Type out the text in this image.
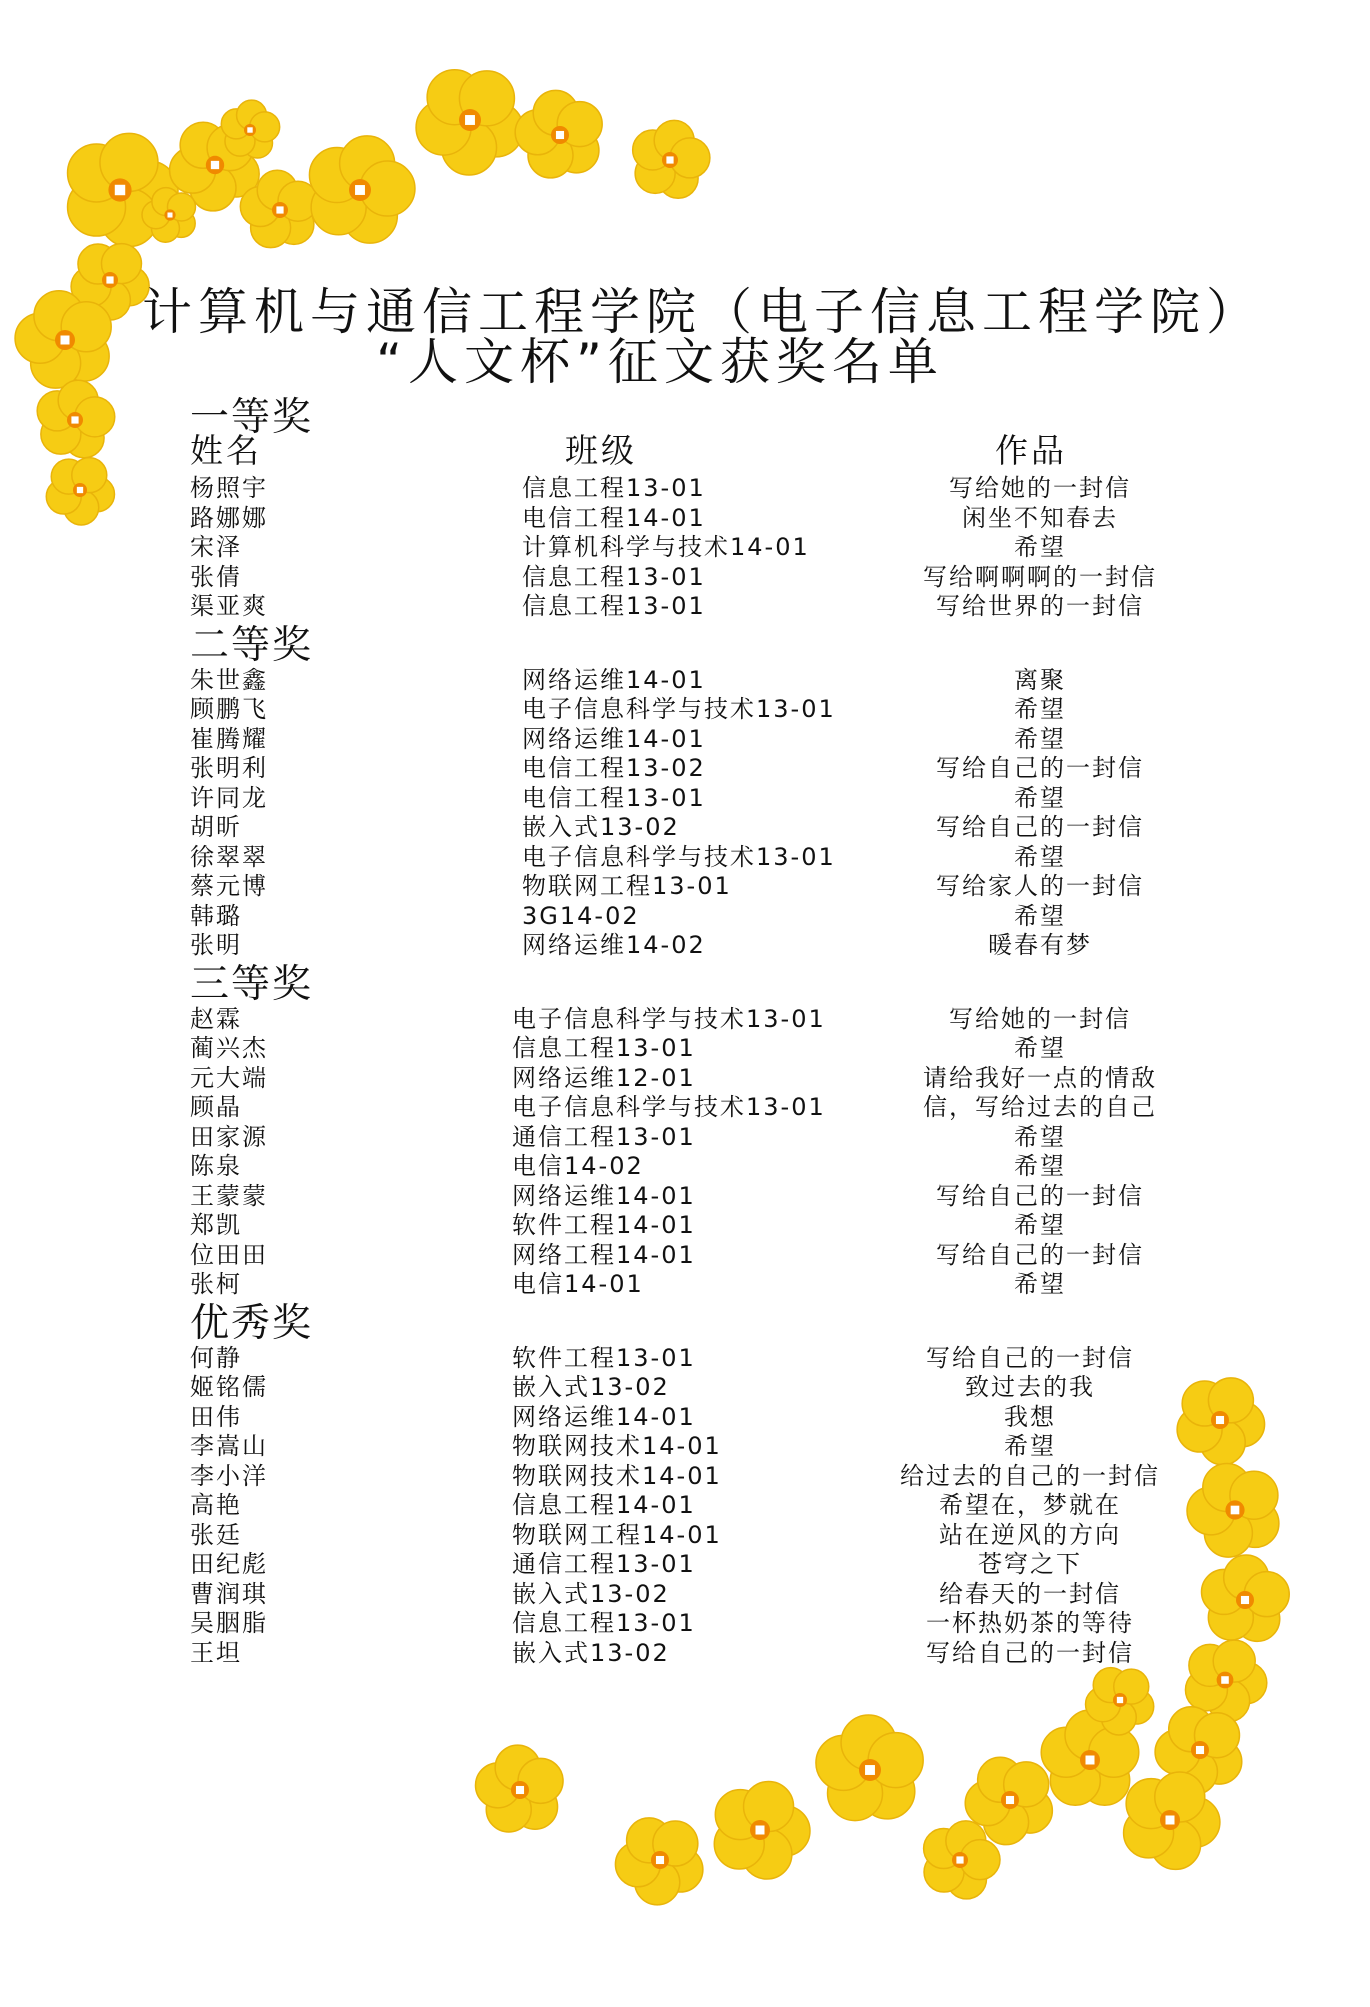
计算机与通信工程学院（电子信息工程学院）
“人文杯”征文获奖名单
一等奖
姓名	班级	作品
杨照宇	信息工程13-01	写给她的一封信
路娜娜	电信工程14-01	闲坐不知春去
宋泽	计算机科学与技术14-01	希望
张倩	信息工程13-01	写给啊啊啊的一封信
渠亚爽	信息工程13-01	写给世界的一封信
二等奖
朱世鑫	网络运维14-01	离聚
顾鹏飞	电子信息科学与技术13-01	希望
崔腾耀	网络运维14-01	希望
张明利	电信工程13-02	写给自己的一封信
许同龙	电信工程13-01	希望
胡昕	嵌入式13-02	写给自己的一封信
徐翠翠	电子信息科学与技术13-01	希望
蔡元博	物联网工程13-01	写给家人的一封信
韩璐	3G14-02	希望
张明	网络运维14-02	暖春有梦
三等奖
赵霖	电子信息科学与技术13-01	写给她的一封信
蔺兴杰	信息工程13-01	希望
元大端	网络运维12-01	请给我好一点的情敌
顾晶	电子信息科学与技术13-01	信，写给过去的自己
田家源	通信工程13-01	希望
陈泉	电信14-02	希望
王蒙蒙	网络运维14-01	写给自己的一封信
郑凯	软件工程14-01	希望
位田田	网络工程14-01	写给自己的一封信
张柯	电信14-01	希望
优秀奖
何静	软件工程13-01	写给自己的一封信
姬铭儒	嵌入式13-02	致过去的我
田伟	网络运维14-01	我想
李嵩山	物联网技术14-01	希望
李小洋	物联网技术14-01	给过去的自己的一封信
高艳	信息工程14-01	希望在，梦就在
张廷	物联网工程14-01	站在逆风的方向
田纪彪	通信工程13-01	苍穹之下
曹润琪	嵌入式13-02	给春天的一封信
吴胭脂	信息工程13-01	一杯热奶茶的等待
王坦	嵌入式13-02	写给自己的一封信
